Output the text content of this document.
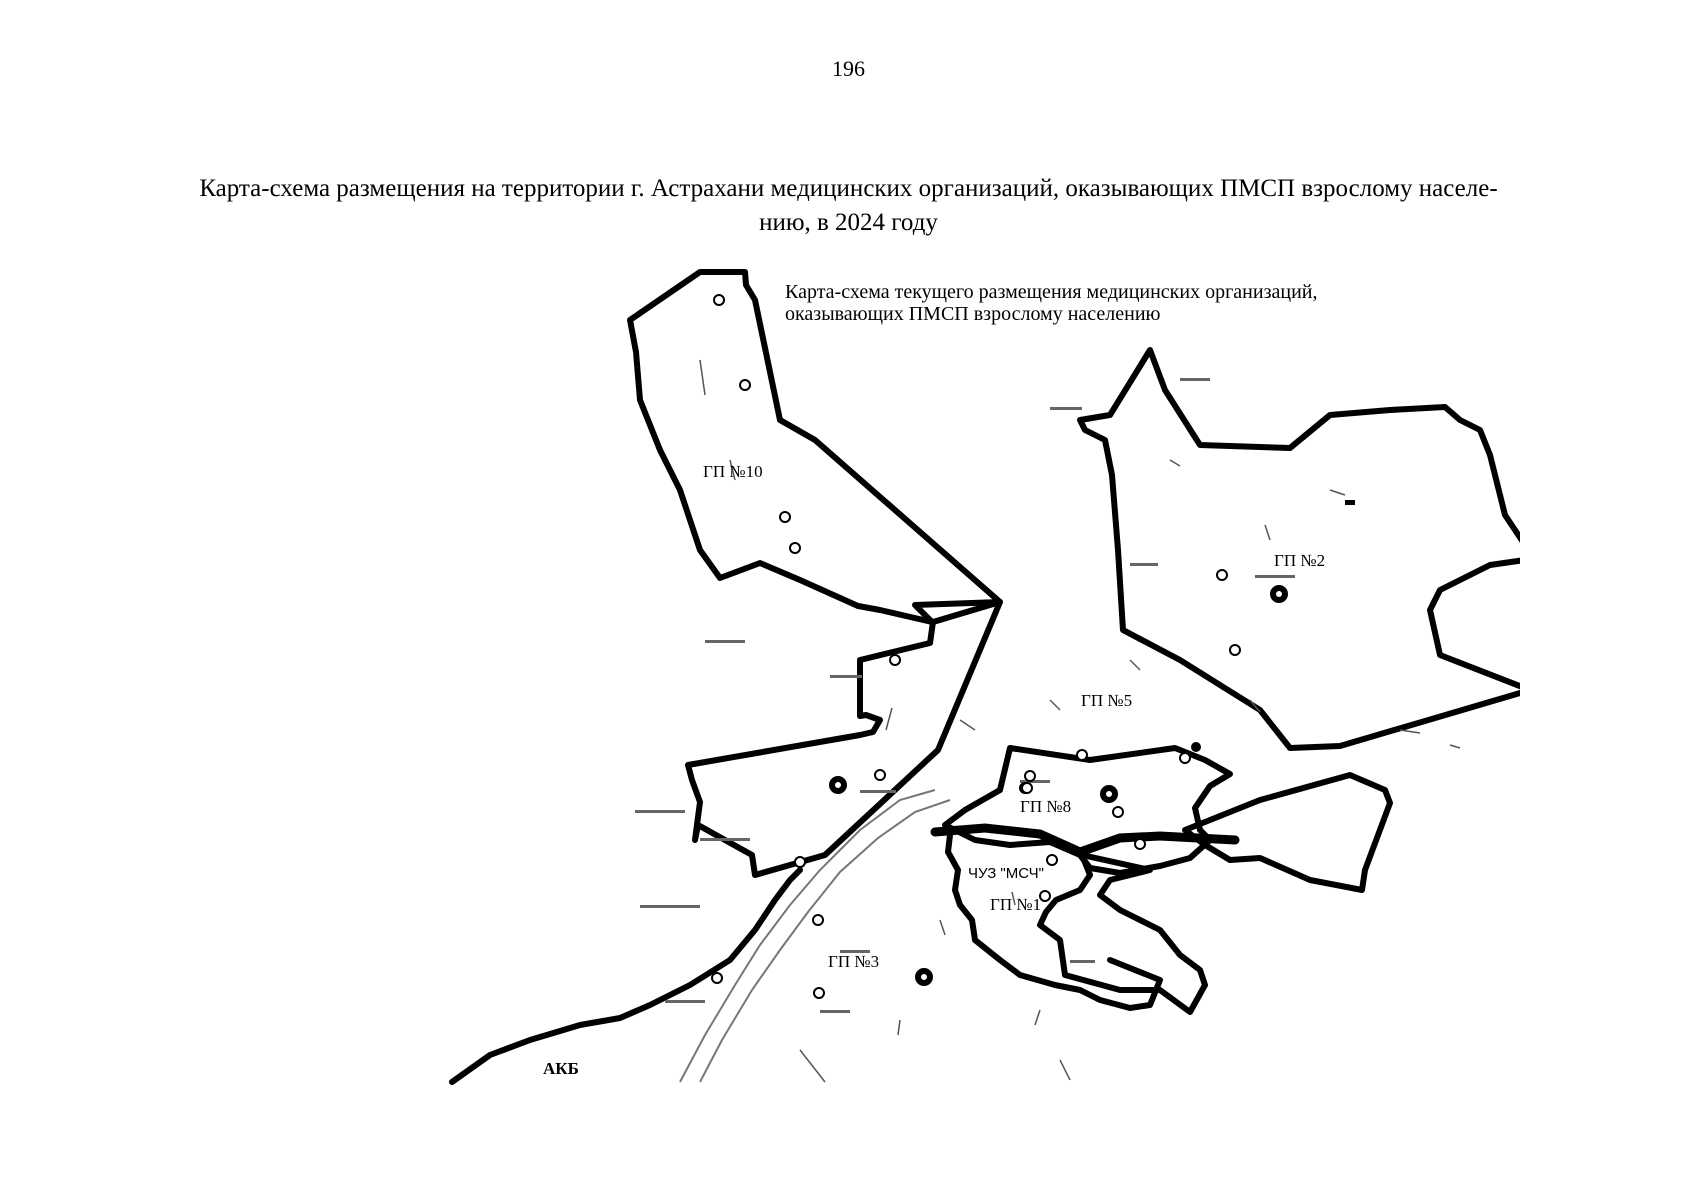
196
Карта-схема размещения на территории г. Астрахани медицинских организаций, оказывающих ПМСП взрослому населе-
нию, в 2024 году
Карта-схема текущего размещения медицинских организаций,
оказывающих ПМСП взрослому населению
ГП №10
ГП №2
ГП №5
ГП №8
ЧУЗ "МСЧ"
ГП №1
ГП №3
АКБ
